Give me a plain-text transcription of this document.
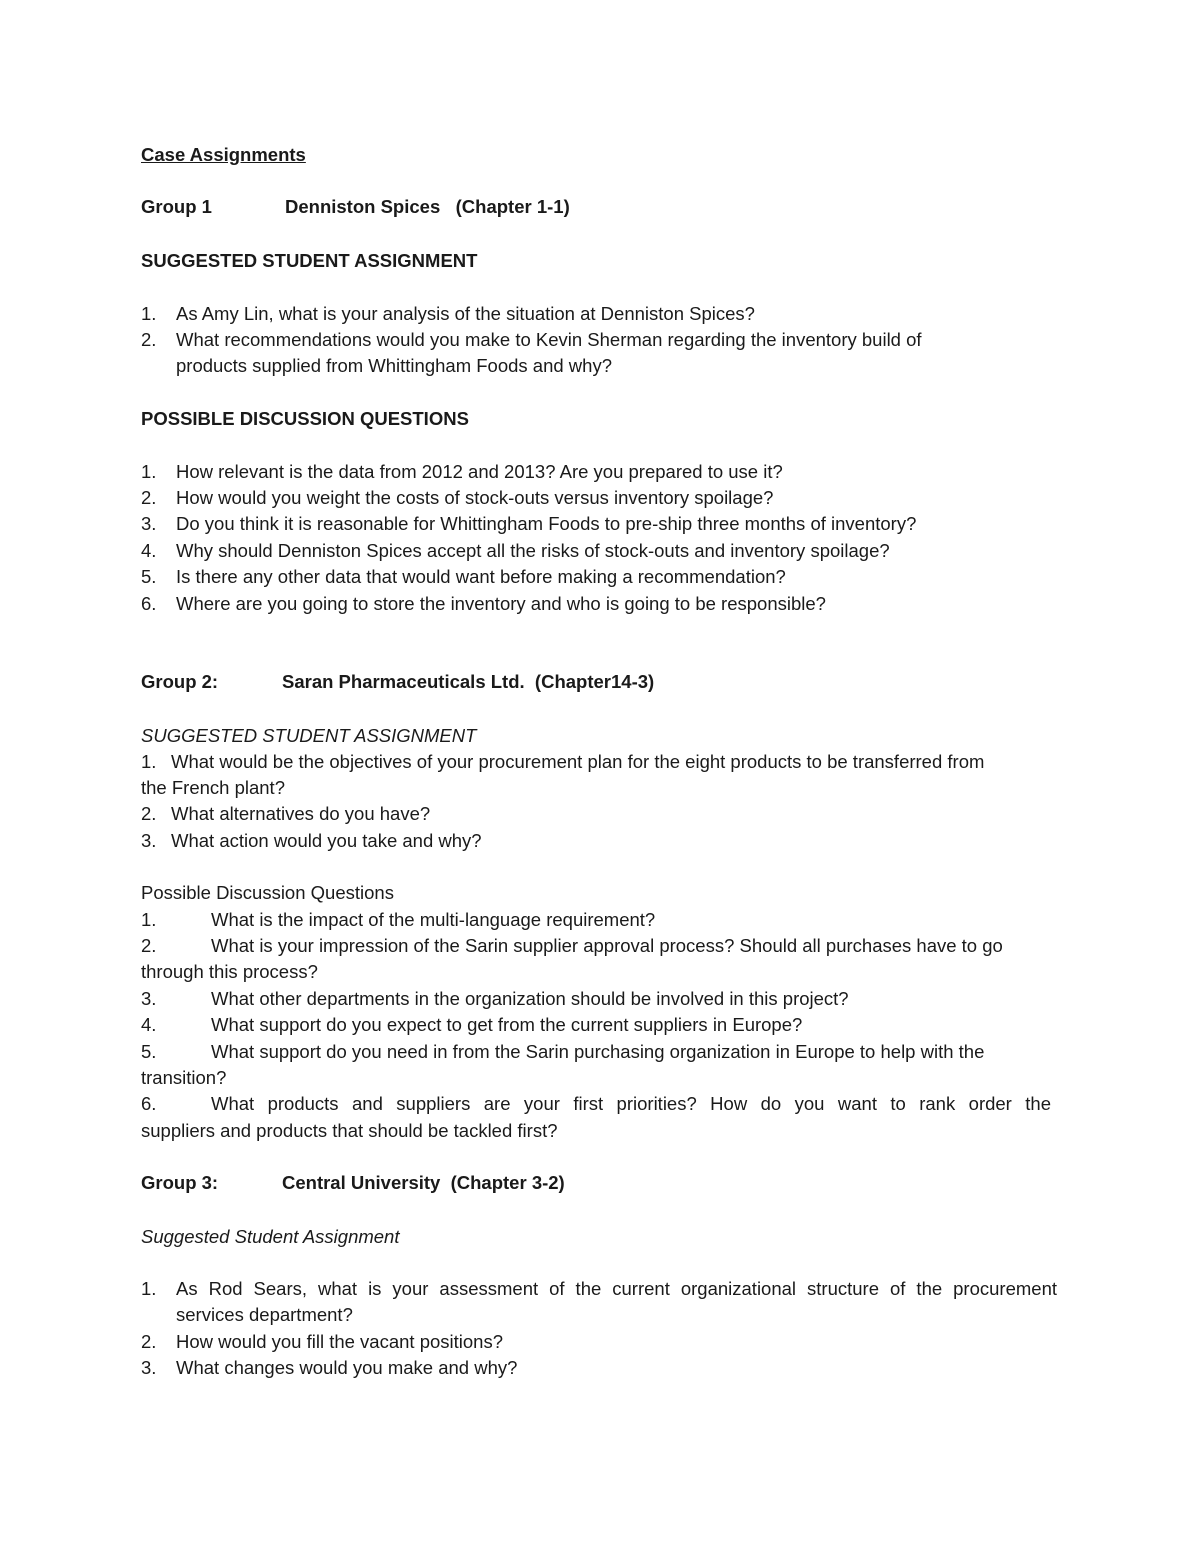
Case Assignments
Group 1	Denniston Spices   (Chapter 1-1)
SUGGESTED STUDENT ASSIGNMENT
1. As Amy Lin, what is your analysis of the situation at Denniston Spices?
2. What recommendations would you make to Kevin Sherman regarding the inventory build of
products supplied from Whittingham Foods and why?
POSSIBLE DISCUSSION QUESTIONS
1. How relevant is the data from 2012 and 2013? Are you prepared to use it?
2. How would you weight the costs of stock-outs versus inventory spoilage?
3. Do you think it is reasonable for Whittingham Foods to pre-ship three months of inventory?
4. Why should Denniston Spices accept all the risks of stock-outs and inventory spoilage?
5. Is there any other data that would want before making a recommendation?
6. Where are you going to store the inventory and who is going to be responsible?
Group 2:	Saran Pharmaceuticals Ltd.  (Chapter14-3)
SUGGESTED STUDENT ASSIGNMENT
1. What would be the objectives of your procurement plan for the eight products to be transferred from
the French plant?
2. What alternatives do you have?
3. What action would you take and why?
Possible Discussion Questions
1.	What is the impact of the multi-language requirement?
2.	What is your impression of the Sarin supplier approval process? Should all purchases have to go
through this process?
3.	What other departments in the organization should be involved in this project?
4.	What support do you expect to get from the current suppliers in Europe?
5.	What support do you need in from the Sarin purchasing organization in Europe to help with the
transition?
6.	What products and suppliers are your first priorities? How do you want to rank order the
suppliers and products that should be tackled first?
Group 3:	Central University  (Chapter 3-2)
Suggested Student Assignment
1. As Rod Sears, what is your assessment of the current organizational structure of the procurement
services department?
2. How would you fill the vacant positions?
3. What changes would you make and why?
